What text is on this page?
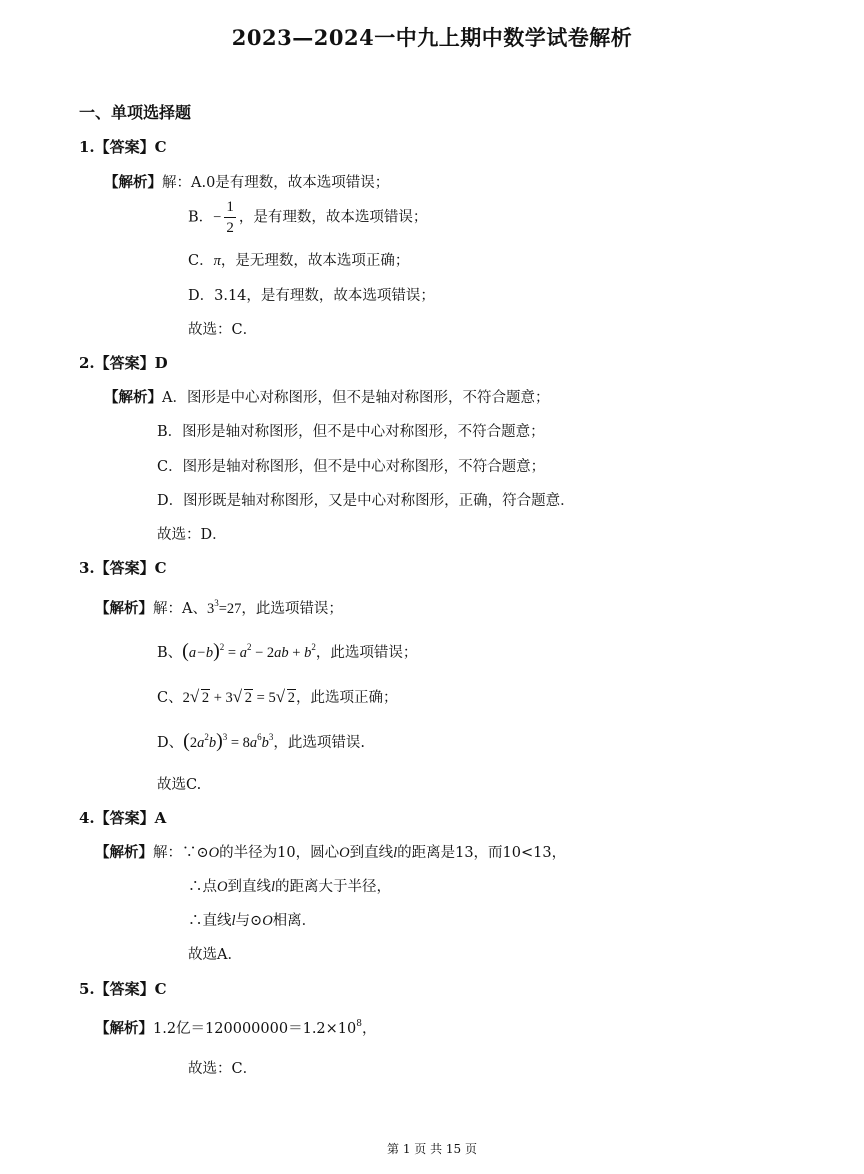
2023—2024一中九上期中数学试卷解析
一、单项选择题
1.【答案】C
【解析】解：A.0是有理数，故本选项错误；
B．− $\frac{1}{2}$ ，是有理数，故本选项错误；
C．π，是无理数，故本选项正确；
D．3.14，是有理数，故本选项错误；
故选：C．
2.【答案】D
【解析】A．图形是中心对称图形，但不是轴对称图形，不符合题意；
B．图形是轴对称图形，但不是中心对称图形，不符合题意；
C．图形是轴对称图形，但不是中心对称图形，不符合题意；
D．图形既是轴对称图形，又是中心对称图形，正确，符合题意．
故选：D．
3.【答案】C
【解析】解：A、$3^3=27$，此选项错误；
B、$(a-b)^2 = a^2 - 2ab + b^2$，此选项错误；
C、2 √ 2 + 3 √ 2 = 5 √ 2，此选项正确；
D、$(2a^2b)^3 = 8a^6b^3$，此选项错误.
故选C.
4.【答案】A
【解析】解：∵⊙O的半径为10，圆心O到直线l的距离是13，而10<13，
∴点O到直线l的距离大于半径，
∴直线l与⊙O相离．
故选A．
5.【答案】C
【解析】1.2亿$=120000000=1.2\times 10^8$，
故选：C．
第 1 页 共 15 页
